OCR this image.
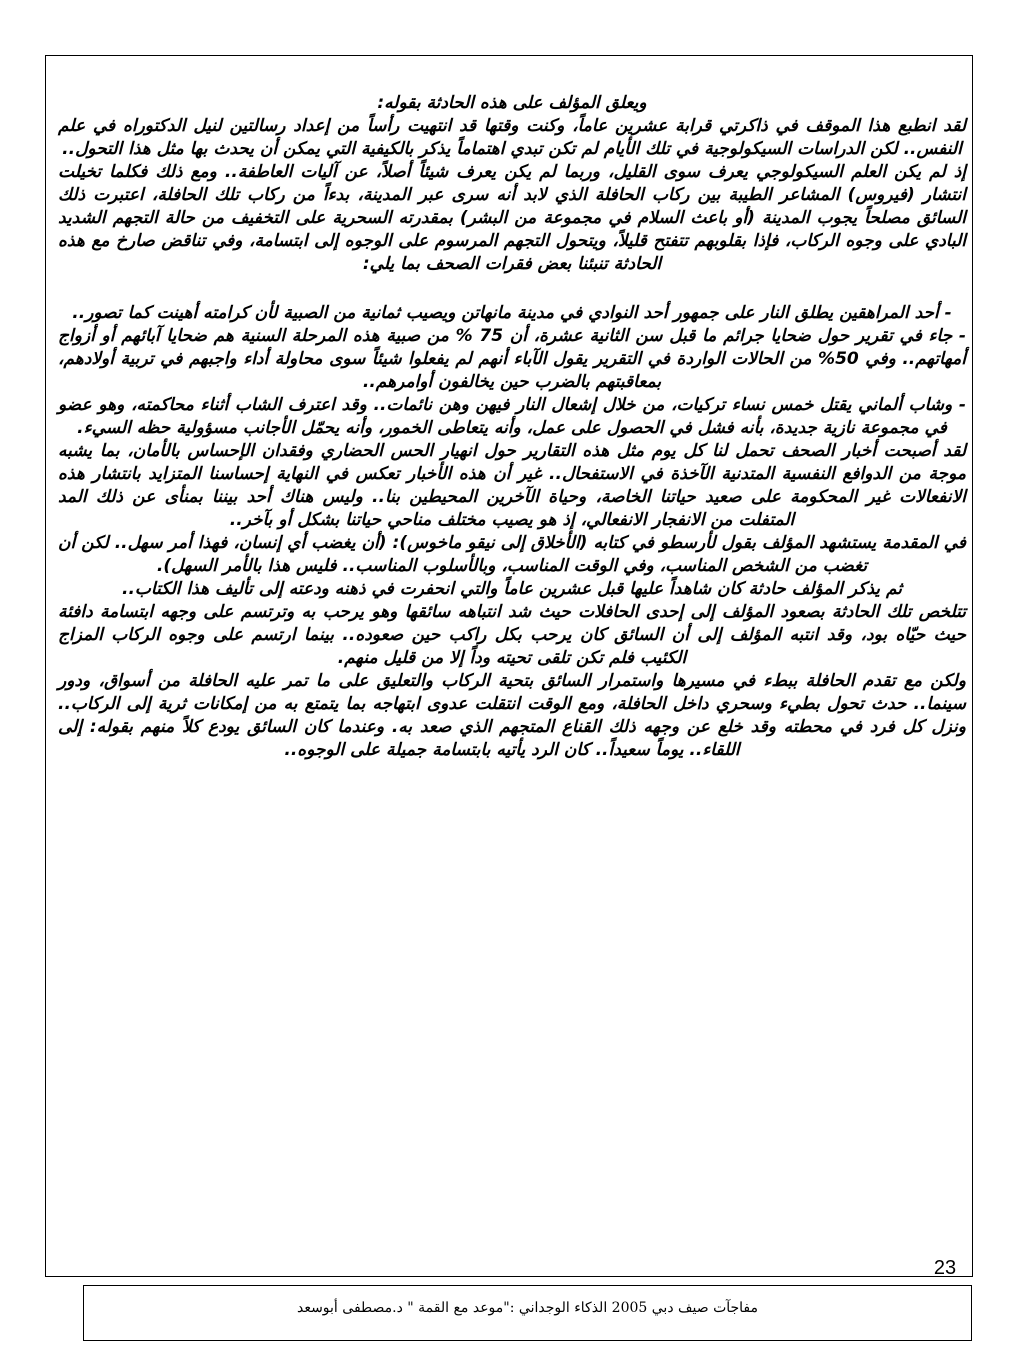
ويعلق المؤلف على هذه الحادثة بقوله:

لقد انطبع هذا الموقف في ذاكرتي قرابة عشرين عاماً، وكنت وقتها قد انتهيت رأساً من إعداد رسالتين لنيل الدكتوراه في علم النفس.. لكن الدراسات السيكولوجية في تلك الأيام لم تكن تبدي اهتماماً يذكر بالكيفية التي يمكن أن يحدث بها مثل هذا التحول..

إذ لم يكن العلم السيكولوجي يعرف سوى القليل، وربما لم يكن يعرف شيئاً أصلاً، عن آليات العاطفة.. ومع ذلك فكلما تخيلت انتشار (فيروس) المشاعر الطيبة بين ركاب الحافلة الذي لابد أنه سرى عبر المدينة، بدءاً من ركاب تلك الحافلة، اعتبرت ذلك السائق مصلحاً يجوب المدينة (أو باعث السلام في مجموعة من البشر) بمقدرته السحرية على التخفيف من حالة التجهم الشديد البادي على وجوه الركاب، فإذا بقلوبهم تتفتح قليلاً، ويتحول التجهم المرسوم على الوجوه إلى ابتسامة، وفي تناقض صارخ مع هذه الحادثة تنبئنا بعض فقرات الصحف بما يلي:

- أحد المراهقين يطلق النار على جمهور أحد النوادي في مدينة مانهاتن ويصيب ثمانية من الصبية لأن كرامته أهينت كما تصور..

- جاء في تقرير حول ضحايا جرائم ما قبل سن الثانية عشرة، أن 75 % من صبية هذه المرحلة السنية هم ضحايا آبائهم أو أزواج أمهاتهم.. وفي 50% من الحالات الواردة في التقرير يقول الآباء أنهم لم يفعلوا شيئاً سوى محاولة أداء واجبهم في تربية أولادهم، بمعاقبتهم بالضرب حين يخالفون أوامرهم..

- وشاب ألماني يقتل خمس نساء تركيات، من خلال إشعال النار فيهن وهن نائمات.. وقد اعترف الشاب أثناء محاكمته، وهو عضو في مجموعة نازية جديدة، بأنه فشل في الحصول على عمل، وأنه يتعاطى الخمور، وأنه يحمّل الأجانب مسؤولية حظه السيء.

لقد أصبحت أخبار الصحف تحمل لنا كل يوم مثل هذه التقارير حول انهيار الحس الحضاري وفقدان الإحساس بالأمان، بما يشبه موجة من الدوافع النفسية المتدنية الآخذة في الاستفحال.. غير أن هذه الأخبار تعكس في النهاية إحساسنا المتزايد بانتشار هذه الانفعالات غير المحكومة على صعيد حياتنا الخاصة، وحياة الآخرين المحيطين بنا.. وليس هناك أحد بيننا بمنأى عن ذلك المد المتفلت من الانفجار الانفعالي، إذ هو يصيب مختلف مناحي حياتنا بشكل أو بآخر..

في المقدمة يستشهد المؤلف بقول لأرسطو في كتابه (الأخلاق إلى نيقو ماخوس): (أن يغضب أي إنسان، فهذا أمر سهل.. لكن أن تغضب من الشخص المناسب، وفي الوقت المناسب، وبالأسلوب المناسب.. فليس هذا بالأمر السهل).

ثم يذكر المؤلف حادثة كان شاهداً عليها قبل عشرين عاماً والتي انحفرت في ذهنه ودعته إلى تأليف هذا الكتاب..

تتلخص تلك الحادثة بصعود المؤلف إلى إحدى الحافلات حيث شد انتباهه سائقها وهو يرحب به وترتسم على وجهه ابتسامة دافئة حيث حيّاه بود، وقد انتبه المؤلف إلى أن السائق كان يرحب بكل راكب حين صعوده.. بينما ارتسم على وجوه الركاب المزاج الكئيب فلم تكن تلقى تحيته وداً إلا من قليل منهم.

ولكن مع تقدم الحافلة ببطء في مسيرها واستمرار السائق بتحية الركاب والتعليق على ما تمر عليه الحافلة من أسواق، ودور سينما.. حدث تحول بطيء وسحري داخل الحافلة، ومع الوقت انتقلت عدوى ابتهاجه بما يتمتع به من إمكانات ثرية إلى الركاب.. ونزل كل فرد في محطته وقد خلع عن وجهه ذلك القناع المتجهم الذي صعد به. وعندما كان السائق يودع كلاً منهم بقوله: إلى اللقاء.. يوماً سعيداً.. كان الرد يأتيه بابتسامة جميلة على الوجوه..

23
مفاجآت صيف دبي 2005 الذكاء الوجداني :"موعد مع القمة " د.مصطفى أبوسعد
